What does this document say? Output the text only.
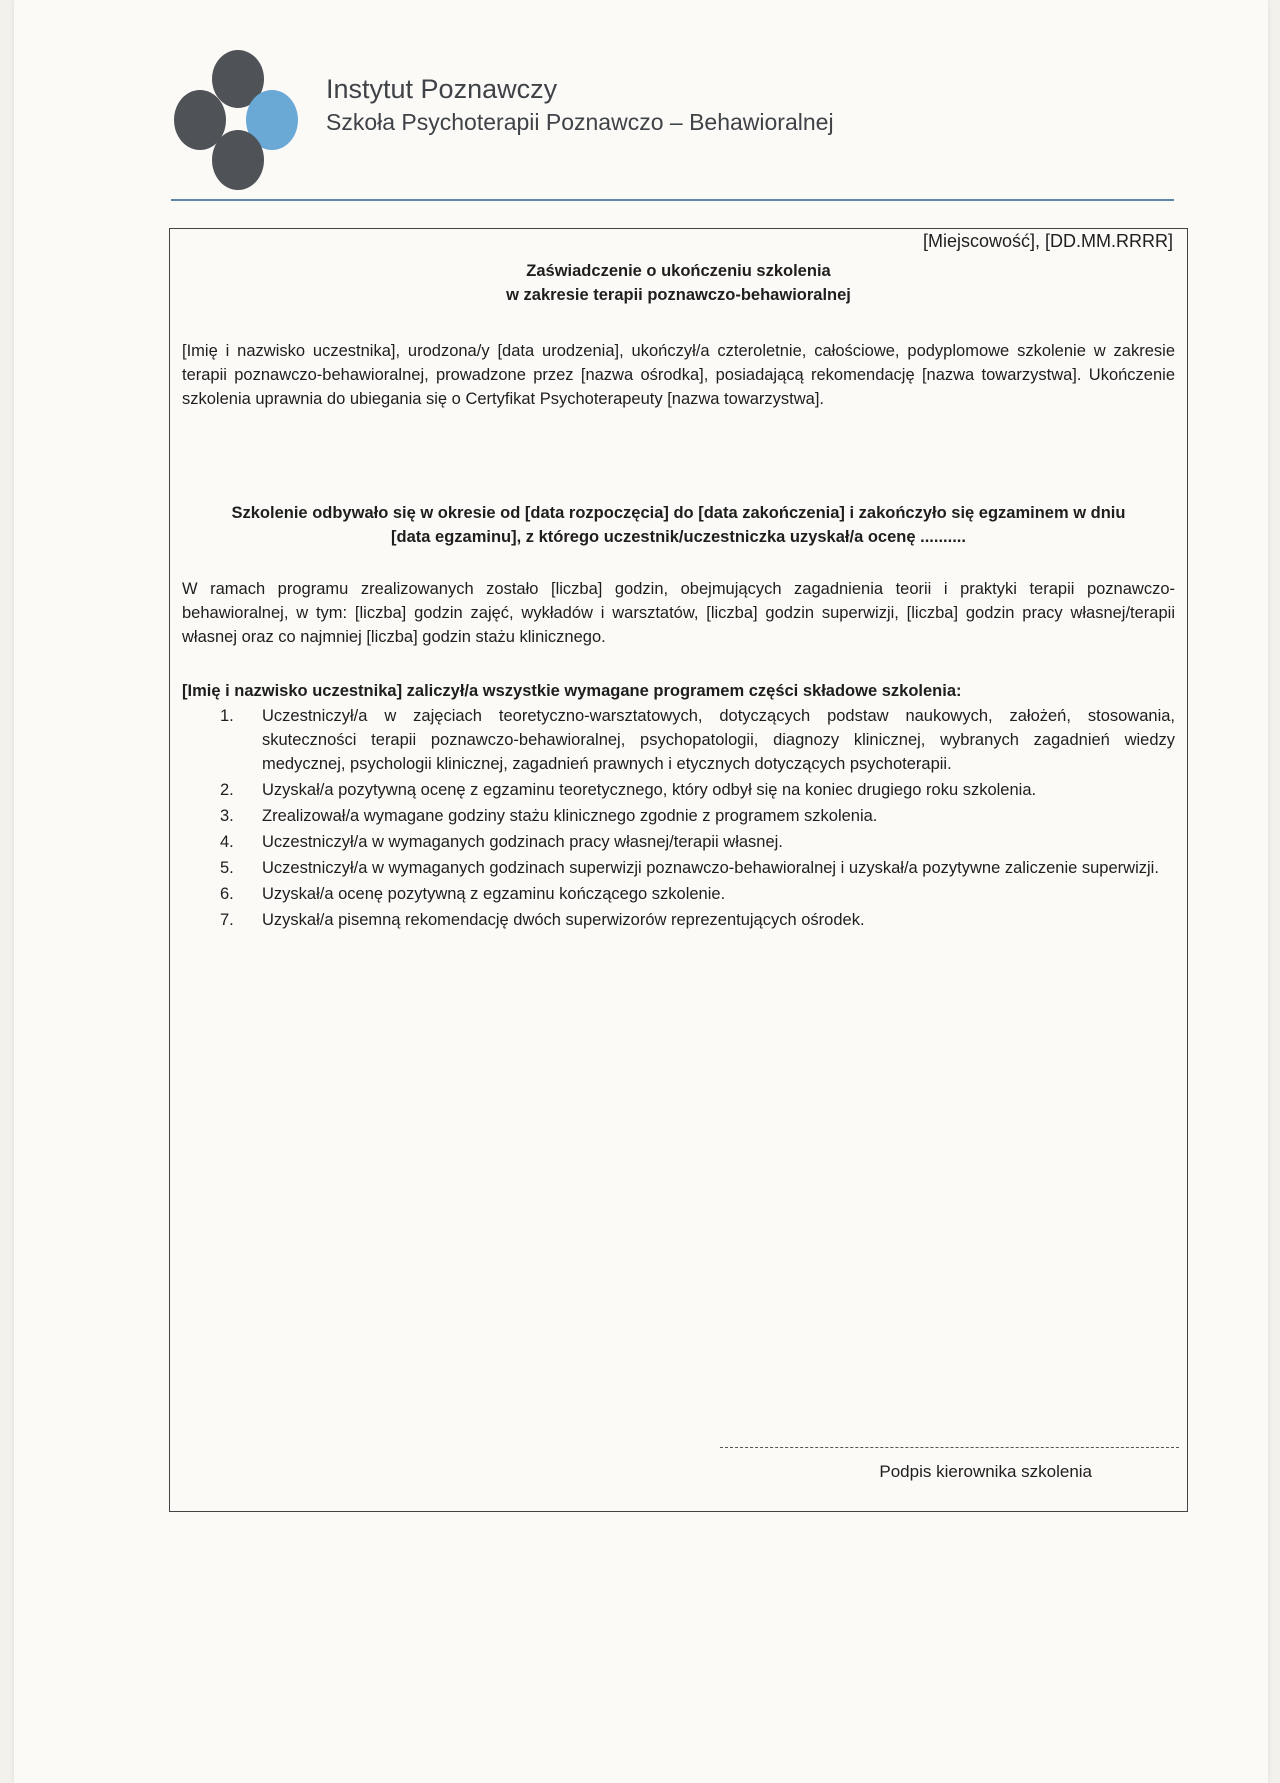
Instytut Poznawczy
Szkoła Psychoterapii Poznawczo – Behawioralnej
[Miejscowość], [DD.MM.RRRR]
Zaświadczenie o ukończeniu szkolenia
w zakresie terapii poznawczo-behawioralnej
[Imię i nazwisko uczestnika], urodzona/y [data urodzenia], ukończył/a czteroletnie, całościowe, podyplomowe szkolenie w zakresie terapii poznawczo-behawioralnej, prowadzone przez [nazwa ośrodka], posiadającą rekomendację [nazwa towarzystwa]. Ukończenie szkolenia uprawnia do ubiegania się o Certyfikat Psychoterapeuty [nazwa towarzystwa].
Szkolenie odbywało się w okresie od [data rozpoczęcia] do [data zakończenia] i zakończyło się egzaminem w dniu [data egzaminu], z którego uczestnik/uczestniczka uzyskał/a ocenę ..........
W ramach programu zrealizowanych zostało [liczba] godzin, obejmujących zagadnienia teorii i praktyki terapii poznawczo-behawioralnej, w tym: [liczba] godzin zajęć, wykładów i warsztatów, [liczba] godzin superwizji, [liczba] godzin pracy własnej/terapii własnej oraz co najmniej [liczba] godzin stażu klinicznego.
[Imię i nazwisko uczestnika] zaliczył/a wszystkie wymagane programem części składowe szkolenia:
1. Uczestniczył/a w zajęciach teoretyczno-warsztatowych, dotyczących podstaw naukowych, założeń, stosowania, skuteczności terapii poznawczo-behawioralnej, psychopatologii, diagnozy klinicznej, wybranych zagadnień wiedzy medycznej, psychologii klinicznej, zagadnień prawnych i etycznych dotyczących psychoterapii.
2. Uzyskał/a pozytywną ocenę z egzaminu teoretycznego, który odbył się na koniec drugiego roku szkolenia.
3. Zrealizował/a wymagane godziny stażu klinicznego zgodnie z programem szkolenia.
4. Uczestniczył/a w wymaganych godzinach pracy własnej/terapii własnej.
5. Uczestniczył/a w wymaganych godzinach superwizji poznawczo-behawioralnej i uzyskał/a pozytywne zaliczenie superwizji.
6. Uzyskał/a ocenę pozytywną z egzaminu kończącego szkolenie.
7. Uzyskał/a pisemną rekomendację dwóch superwizorów reprezentujących ośrodek.
Podpis kierownika szkolenia
